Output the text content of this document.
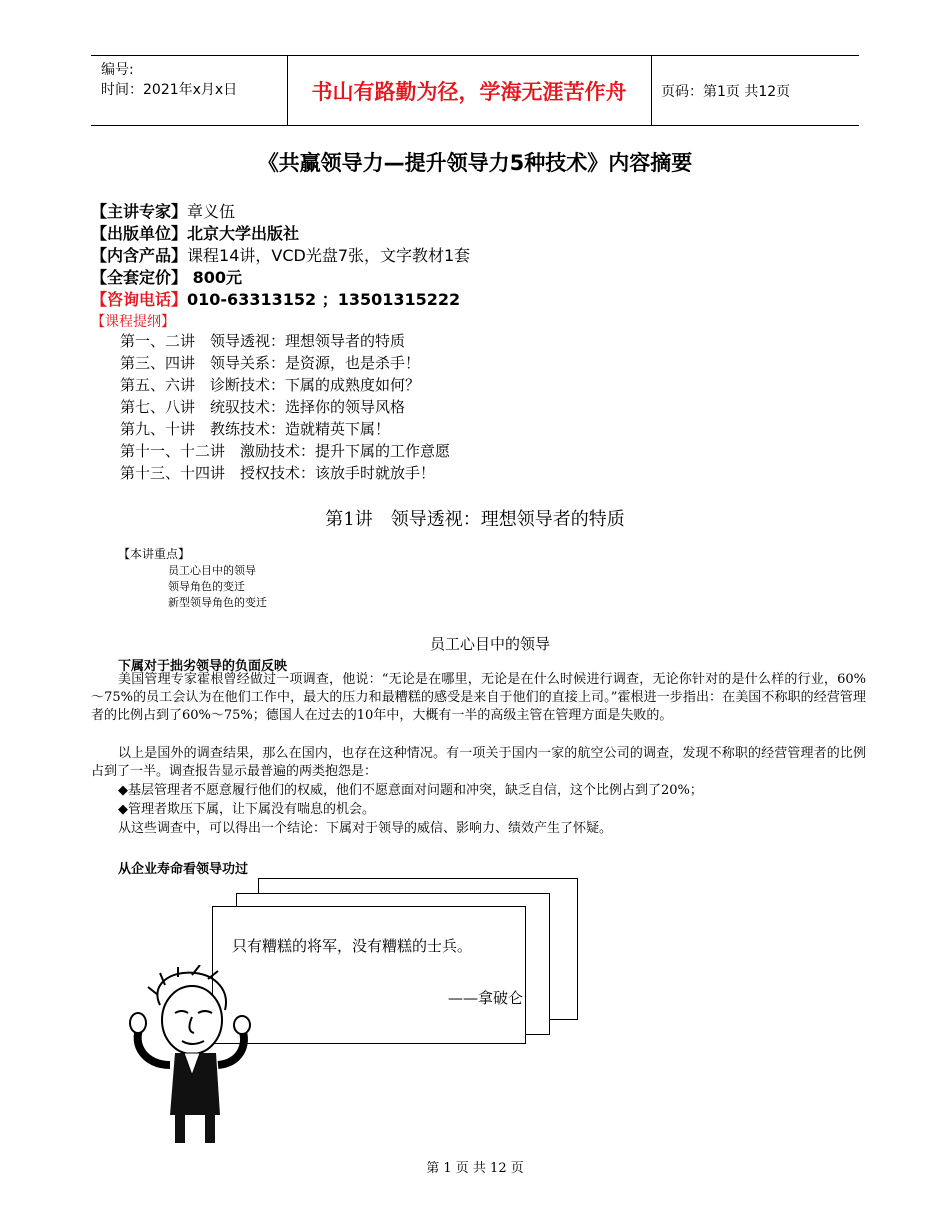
编号:
时间：2021年x月x日	书山有路勤为径，学海无涯苦作舟	页码：第1页 共12页
《共赢领导力—提升领导力5种技术》内容摘要
【主讲专家】章义伍
【出版单位】北京大学出版社
【内含产品】课程14讲，VCD光盘7张，文字教材1套
【全套定价】 800元
【咨询电话】010-63313152 ；13501315222
【课程提纲】
第一、二讲　领导透视：理想领导者的特质
第三、四讲　领导关系：是资源，也是杀手！
第五、六讲　诊断技术：下属的成熟度如何？
第七、八讲　统驭技术：选择你的领导风格
第九、十讲　教练技术：造就精英下属！
第十一、十二讲　激励技术：提升下属的工作意愿
第十三、十四讲　授权技术：该放手时就放手！
第1讲　领导透视：理想领导者的特质
【本讲重点】
员工心目中的领导
领导角色的变迁
新型领导角色的变迁
员工心目中的领导
下属对于拙劣领导的负面反映
美国管理专家霍根曾经做过一项调查，他说：“无论是在哪里，无论是在什么时候进行调查，无论你针对的是什么样的行业，60%～75%的员工会认为在他们工作中，最大的压力和最糟糕的感受是来自于他们的直接上司。”霍根进一步指出：在美国不称职的经营管理者的比例占到了60%～75%；德国人在过去的10年中，大概有一半的高级主管在管理方面是失败的。
以上是国外的调查结果，那么在国内，也存在这种情况。有一项关于国内一家的航空公司的调查，发现不称职的经营管理者的比例占到了一半。调查报告显示最普遍的两类抱怨是：
◆基层管理者不愿意履行他们的权威，他们不愿意面对问题和冲突，缺乏自信，这个比例占到了20%；
◆管理者欺压下属，让下属没有喘息的机会。
从这些调查中，可以得出一个结论：下属对于领导的威信、影响力、绩效产生了怀疑。
从企业寿命看领导功过
只有糟糕的将军，没有糟糕的士兵。
——拿破仑
第 1 页 共 12 页
